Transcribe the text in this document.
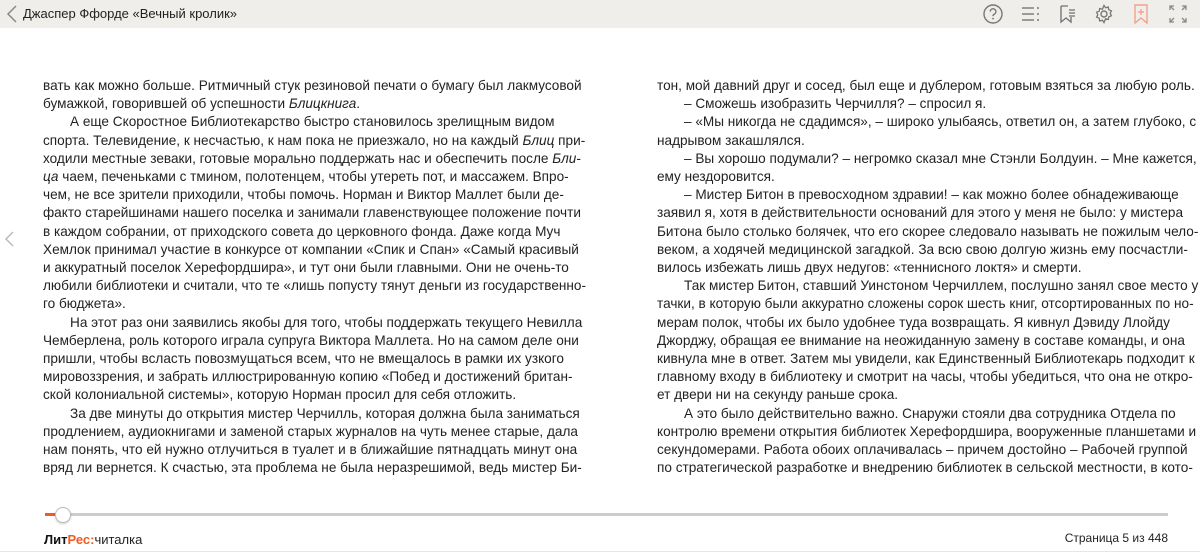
Джаспер Ффорде «Вечный кролик»
вать как можно больше. Ритмичный стук резиновой печати о бумагу был лакмусовой
бумажкой, говорившей об успешности Блицкнига.
А еще Скоростное Библиотекарство быстро становилось зрелищным видом
спорта. Телевидение, к несчастью, к нам пока не приезжало, но на каждый Блиц при-
ходили местные зеваки, готовые морально поддержать нас и обеспечить после Бли-
ца чаем, печеньками с тмином, полотенцем, чтобы утереть пот, и массажем. Впро-
чем, не все зрители приходили, чтобы помочь. Норман и Виктор Маллет были де-
факто старейшинами нашего поселка и занимали главенствующее положение почти
в каждом собрании, от приходского совета до церковного фонда. Даже когда Муч
Хемлок принимал участие в конкурсе от компании «Спик и Спан» «Самый красивый
и аккуратный поселок Херефордшира», и тут они были главными. Они не очень-то
любили библиотеки и считали, что те «лишь попусту тянут деньги из государственно-
го бюджета».
На этот раз они заявились якобы для того, чтобы поддержать текущего Невилла
Чемберлена, роль которого играла супруга Виктора Маллета. Но на самом деле они
пришли, чтобы всласть повозмущаться всем, что не вмещалось в рамки их узкого
мировоззрения, и забрать иллюстрированную копию «Побед и достижений британ-
ской колониальной системы», которую Норман просил для себя отложить.
За две минуты до открытия мистер Черчилль, которая должна была заниматься
продлением, аудиокнигами и заменой старых журналов на чуть менее старые, дала
нам понять, что ей нужно отлучиться в туалет и в ближайшие пятнадцать минут она
вряд ли вернется. К счастью, эта проблема не была неразрешимой, ведь мистер Би-
тон, мой давний друг и сосед, был еще и дублером, готовым взяться за любую роль.
– Сможешь изобразить Черчилля? – спросил я.
– «Мы никогда не сдадимся», – широко улыбаясь, ответил он, а затем глубоко, с
надрывом закашлялся.
– Вы хорошо подумали? – негромко сказал мне Стэнли Болдуин. – Мне кажется,
ему нездоровится.
– Мистер Битон в превосходном здравии! – как можно более обнадеживающе
заявил я, хотя в действительности оснований для этого у меня не было: у мистера
Битона было столько болячек, что его скорее следовало называть не пожилым чело-
веком, а ходячей медицинской загадкой. За всю свою долгую жизнь ему посчастли-
вилось избежать лишь двух недугов: «теннисного локтя» и смерти.
Так мистер Битон, ставший Уинстоном Черчиллем, послушно занял свое место у
тачки, в которую были аккуратно сложены сорок шесть книг, отсортированных по но-
мерам полок, чтобы их было удобнее туда возвращать. Я кивнул Дэвиду Ллойду
Джорджу, обращая ее внимание на неожиданную замену в составе команды, и она
кивнула мне в ответ. Затем мы увидели, как Единственный Библиотекарь подходит к
главному входу в библиотеку и смотрит на часы, чтобы убедиться, что она не откро-
ет двери ни на секунду раньше срока.
А это было действительно важно. Снаружи стояли два сотрудника Отдела по
контролю времени открытия библиотек Херефордшира, вооруженные планшетами и
секундомерами. Работа обоих оплачивалась – причем достойно – Рабочей группой
по стратегической разработке и внедрению библиотек в сельской местности, в кото-
ЛитРес:читалка	Страница 5 из 448
